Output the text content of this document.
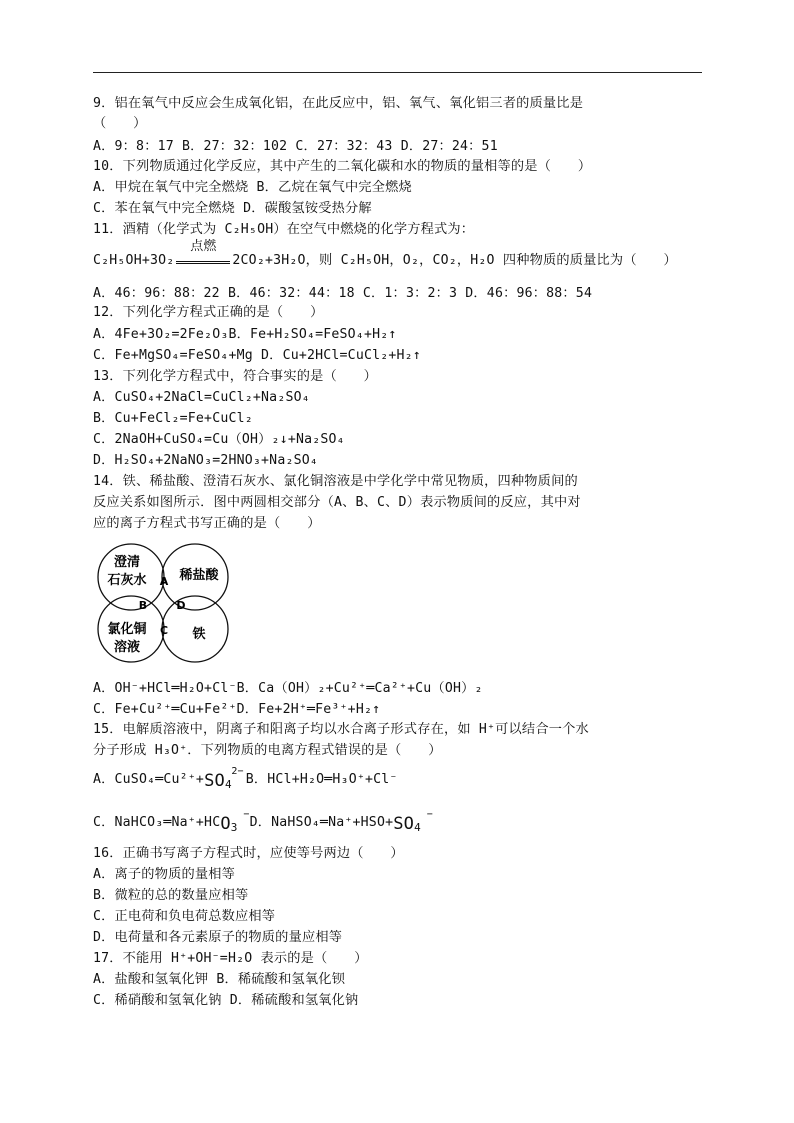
9．铝在氧气中反应会生成氧化铝，在此反应中，铝、氧气、氧化铝三者的质量比是
（　　）
A．9：8：17 B．27：32：102 C．27：32：43 D．27：24：51
10．下列物质通过化学反应，其中产生的二氧化碳和水的物质的量相等的是（　　）
A．甲烷在氧气中完全燃烧 B．乙烷在氧气中完全燃烧
C．苯在氧气中完全燃烧 D．碳酸氢铵受热分解
11．酒精（化学式为 C₂H₅OH）在空气中燃烧的化学方程式为：
C₂H₅OH+3O₂
点燃
2CO₂+3H₂O，则 C₂H₅OH，O₂，CO₂，H₂O 四种物质的质量比为（　　）
A．46：96：88：22 B．46：32：44：18 C．1：3：2：3 D．46：96：88：54
12．下列化学方程式正确的是（　　）
A．4Fe+3O₂=2Fe₂O₃B．Fe+H₂SO₄=FeSO₄+H₂↑
C．Fe+MgSO₄=FeSO₄+Mg D．Cu+2HCl=CuCl₂+H₂↑
13．下列化学方程式中，符合事实的是（　　）
A．CuSO₄+2NaCl=CuCl₂+Na₂SO₄
B．Cu+FeCl₂=Fe+CuCl₂
C．2NaOH+CuSO₄=Cu（OH）₂↓+Na₂SO₄
D．H₂SO₄+2NaNO₃=2HNO₃+Na₂SO₄
14．铁、稀盐酸、澄清石灰水、氯化铜溶液是中学化学中常见物质，四种物质间的
反应关系如图所示．图中两圆相交部分（A、B、C、D）表示物质间的反应，其中对
应的离子方程式书写正确的是（　　）
澄清
石灰水	稀盐酸
氯化铜
溶液
铁
A
B
C
D
A．OH⁻+HCl═H₂O+Cl⁻B．Ca（OH）₂+Cu²⁺═Ca²⁺+Cu（OH）₂
C．Fe+Cu²⁺═Cu+Fe²⁺D．Fe+2H⁺═Fe³⁺+H₂↑
15．电解质溶液中，阴离子和阳离子均以水合离子形式存在，如 H⁺可以结合一个水
分子形成 H₃O⁺．下列物质的电离方程式错误的是（　　）
A．$CuSO_4═Cu^{2+}+SO_4$
2−
B．HCl+H₂O═H₃O⁺+Cl⁻
C．$NaHCO_3═Na^++HCO_3$
−
D．$NaHSO_4═Na^++HSO+SO_4$
−
16．正确书写离子方程式时，应使等号两边（　　）
A．离子的物质的量相等
B．微粒的总的数量应相等
C．正电荷和负电荷总数应相等
D．电荷量和各元素原子的物质的量应相等
17．不能用 H⁺+OH⁻=H₂O 表示的是（　　）
A．盐酸和氢氧化钾 B．稀硫酸和氢氧化钡
C．稀硝酸和氢氧化钠 D．稀硫酸和氢氧化钠
